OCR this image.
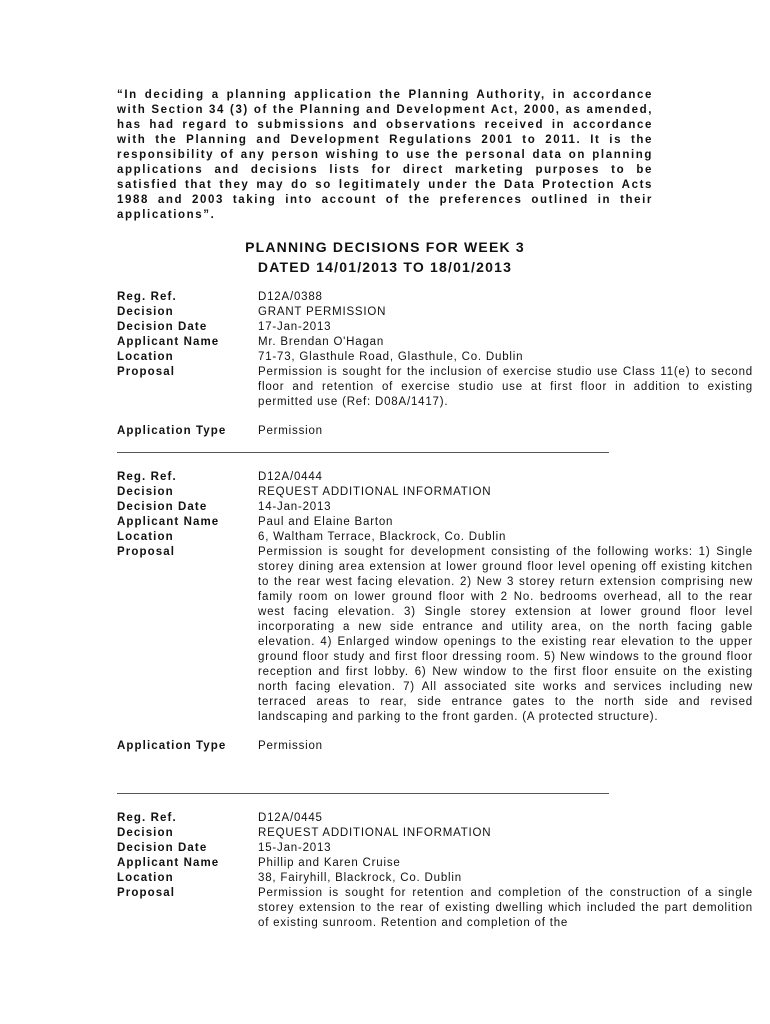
“In deciding a planning application the Planning Authority, in accordance with Section 34 (3) of the Planning and Development Act, 2000, as amended, has had regard to submissions and observations received in accordance with the Planning and Development Regulations 2001 to 2011. It is the responsibility of any person wishing to use the personal data on planning applications and decisions lists for direct marketing purposes to be satisfied that they may do so legitimately under the Data Protection Acts 1988 and 2003 taking into account of the preferences outlined in their applications”.

PLANNING DECISIONS FOR WEEK 3

DATED 14/01/2013 TO 18/01/2013

Reg. Ref.	D12A/0388
Decision	GRANT PERMISSION
Decision Date	17-Jan-2013
Applicant Name	Mr. Brendan O'Hagan
Location	71-73, Glasthule Road, Glasthule, Co. Dublin
Proposal	Permission is sought for the inclusion of exercise studio use Class 11(e) to second floor and retention of exercise studio use at first floor in addition to existing permitted use (Ref: D08A/1417).
Application Type	Permission
Reg. Ref.	D12A/0444
Decision	REQUEST ADDITIONAL INFORMATION
Decision Date	14-Jan-2013
Applicant Name	Paul and Elaine Barton
Location	6, Waltham Terrace, Blackrock, Co. Dublin
Proposal	Permission is sought for development consisting of the following works: 1) Single storey dining area extension at lower ground floor level opening off existing kitchen to the rear west facing elevation. 2) New 3 storey return extension comprising new family room on lower ground floor with 2 No. bedrooms overhead, all to the rear west facing elevation. 3) Single storey extension at lower ground floor level incorporating a new side entrance and utility area, on the north facing gable elevation. 4) Enlarged window openings to the existing rear elevation to the upper ground floor study and first floor dressing room. 5) New windows to the ground floor reception and first lobby. 6) New window to the first floor ensuite on the existing north facing elevation. 7) All associated site works and services including new terraced areas to rear, side entrance gates to the north side and revised landscaping and parking to the front garden. (A protected structure).
Application Type	Permission
Reg. Ref.	D12A/0445
Decision	REQUEST ADDITIONAL INFORMATION
Decision Date	15-Jan-2013
Applicant Name	Phillip and Karen Cruise
Location	38, Fairyhill, Blackrock, Co. Dublin
Proposal	Permission is sought for retention and completion of the construction of a single storey extension to the rear of existing dwelling which included the part demolition of existing sunroom. Retention and completion of the
